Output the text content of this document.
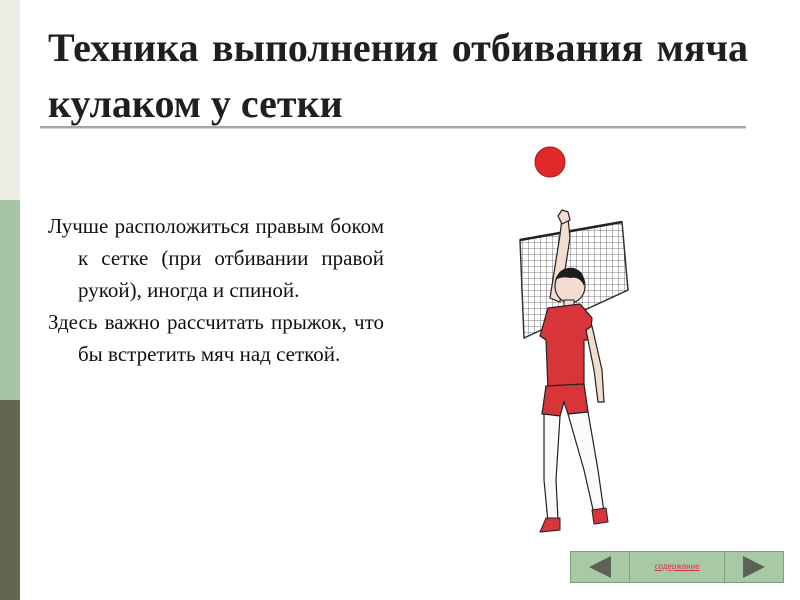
Техника выполнения отбивания мяча кулаком у сетки

Лучше расположиться правым боком к сетке (при отбивании правой рукой), иногда и спиной.

Здесь важно рассчитать прыжок, что бы встретить мяч над сеткой.

содержание
